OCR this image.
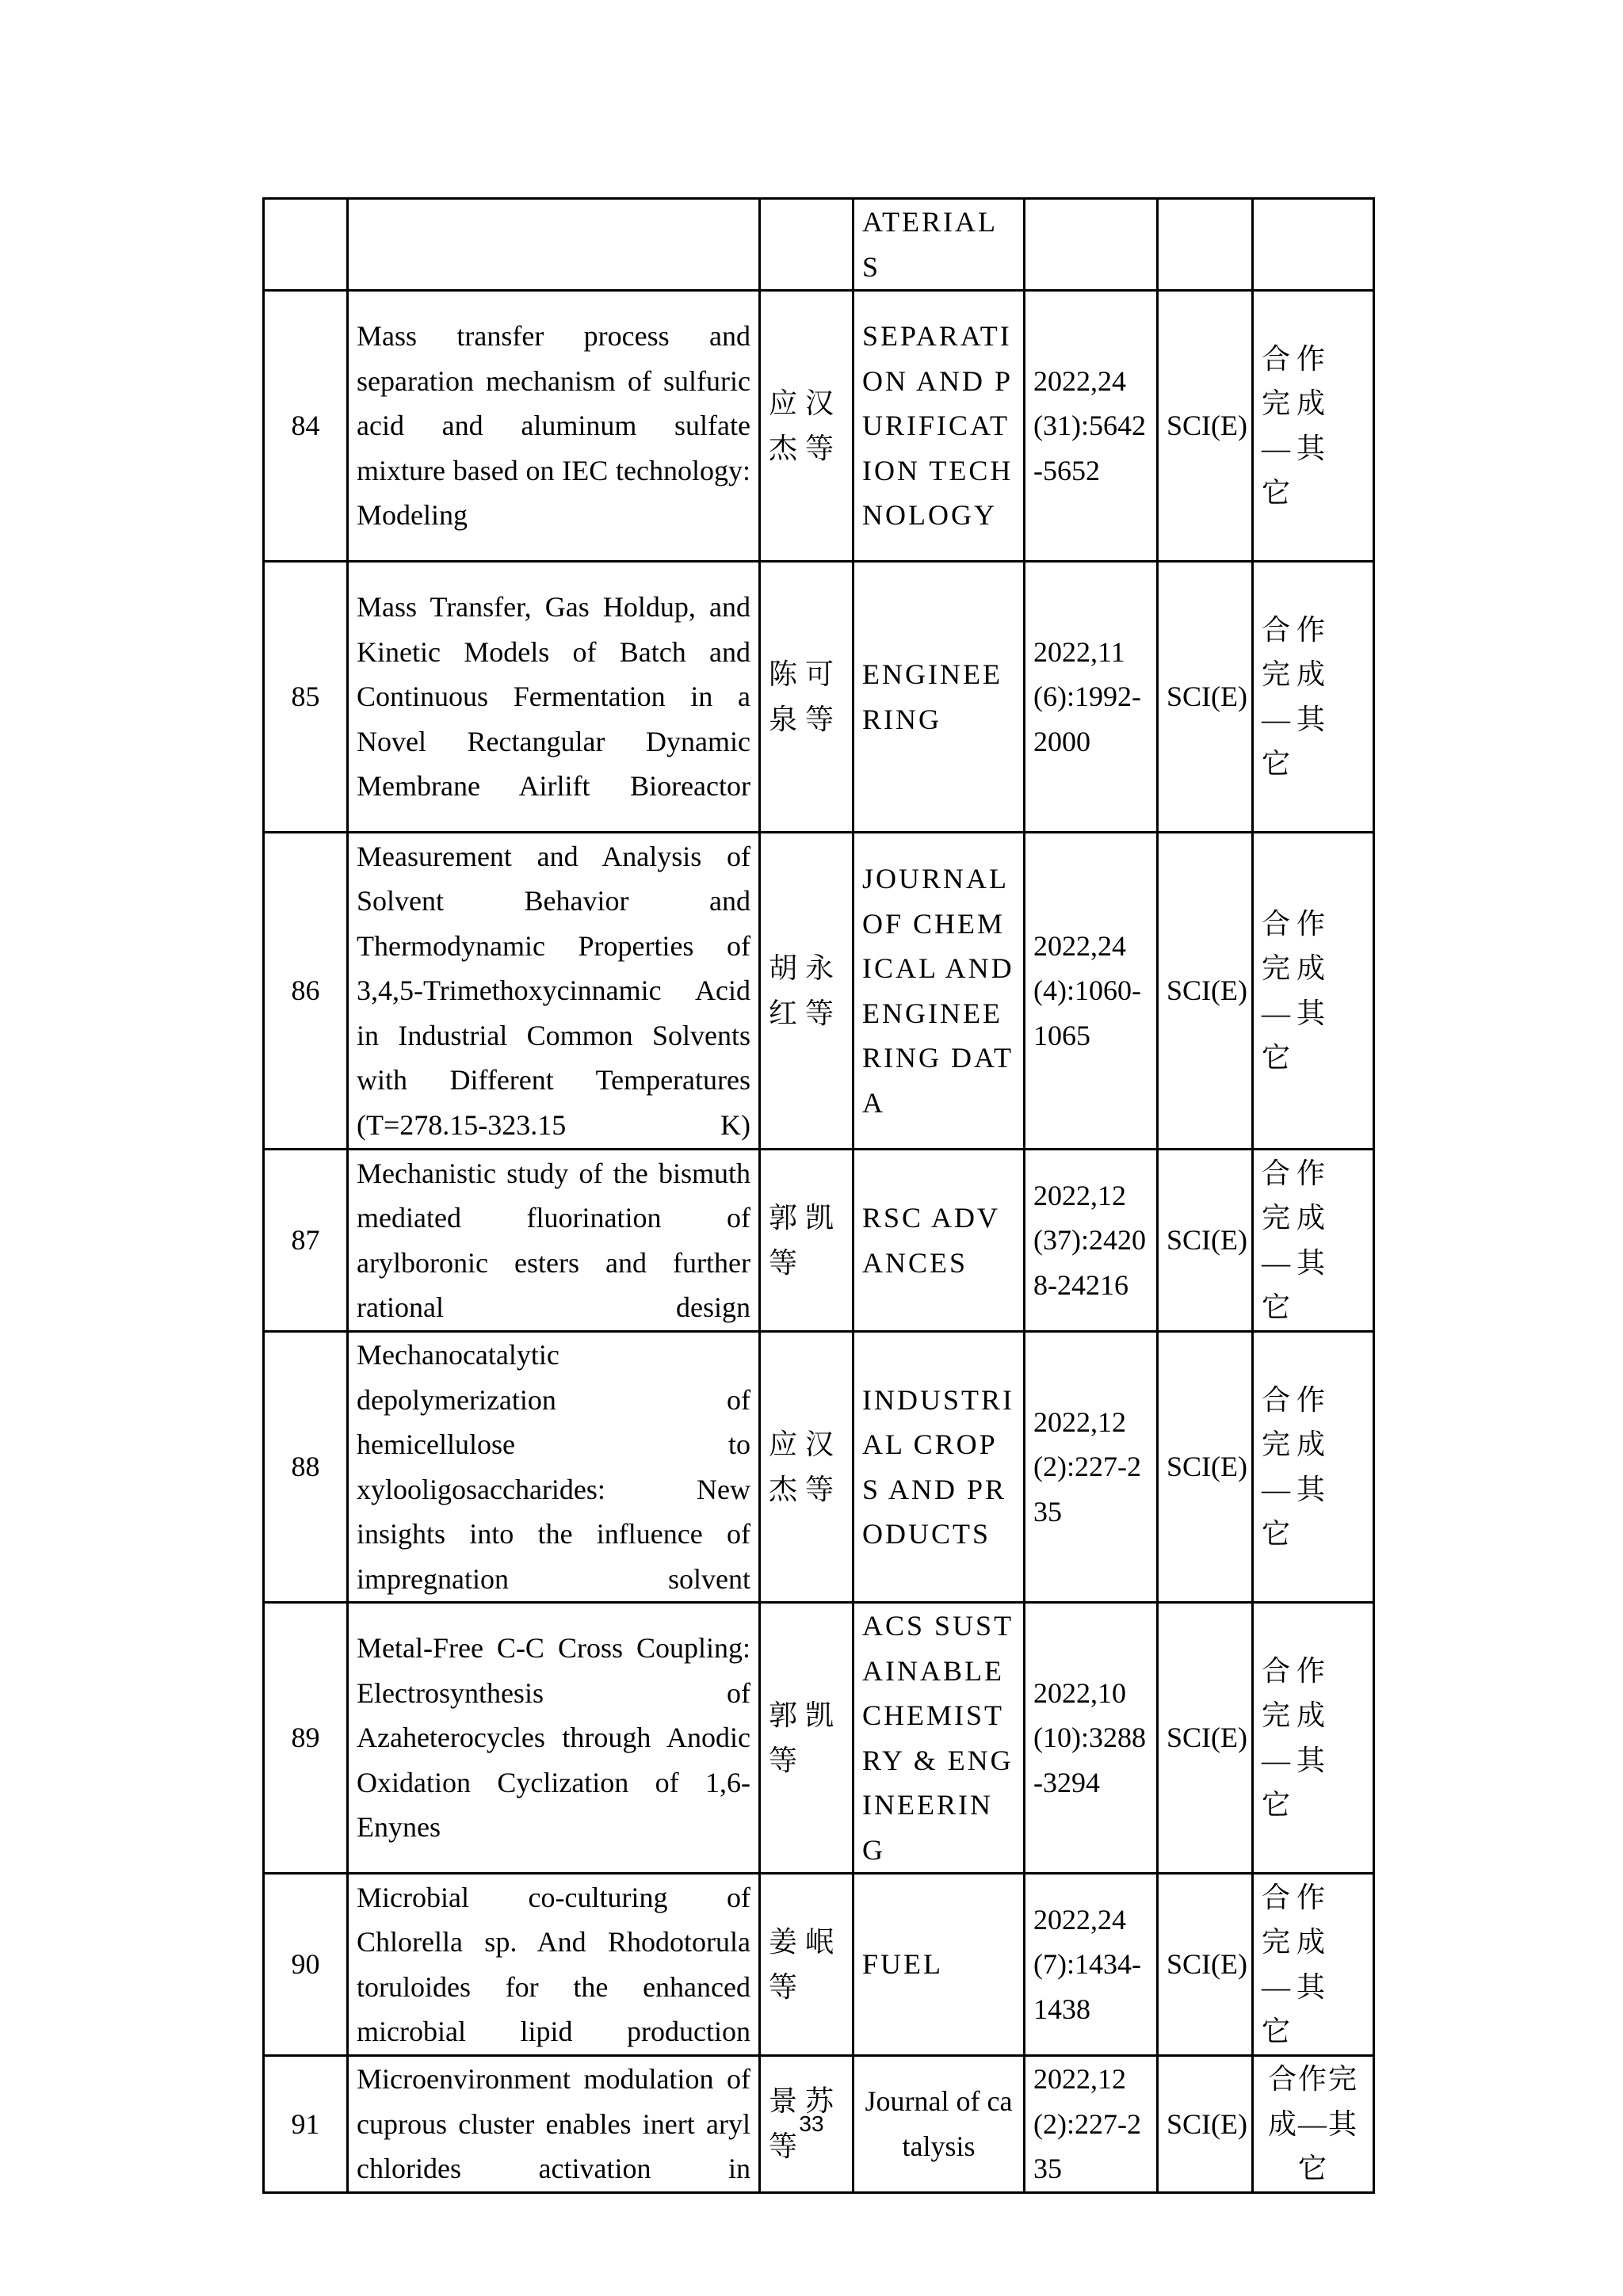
			ATERIALS			
84	Mass transfer process and separation mechanism of sulfuric acid and aluminum sulfate mixture based on IEC technology: Modeling	应汉杰等	SEPARATION AND PURIFICATION TECHNOLOGY	2022,24(31):5642-5652	SCI(E)	合作完成—其它
85	Mass Transfer, Gas Holdup, and Kinetic Models of Batch and Continuous Fermentation in a Novel Rectangular Dynamic Membrane Airlift Bioreactor	陈可泉等	ENGINEERING	2022,11(6):1992-2000	SCI(E)	合作完成—其它
86	Measurement and Analysis of Solvent Behavior and Thermodynamic Properties of 3,4,5-Trimethoxycinnamic Acid in Industrial Common Solvents with Different Temperatures (T=278.15-323.15 K)	胡永红等	JOURNAL OF CHEMICAL AND ENGINEERING DATA	2022,24(4):1060-1065	SCI(E)	合作完成—其它
87	Mechanistic study of the bismuth mediated fluorination of arylboronic esters and further rational design	郭凯等	RSC ADVANCES	2022,12(37):24208-24216	SCI(E)	合作完成—其它
88	Mechanocatalytic depolymerization of hemicellulose to xylooligosaccharides: New insights into the influence of impregnation solvent	应汉杰等	INDUSTRIAL CROPS AND PRODUCTS	2022,12(2):227-235	SCI(E)	合作完成—其它
89	Metal-Free C-C Cross Coupling: Electrosynthesis of Azaheterocycles through Anodic Oxidation Cyclization of 1,6-Enynes	郭凯等	ACS SUSTAINABLE CHEMISTRY & ENGINEERING	2022,10(10):3288-3294	SCI(E)	合作完成—其它
90	Microbial co-culturing of Chlorella sp. And Rhodotorula toruloides for the enhanced microbial lipid production	姜岷等	FUEL	2022,24(7):1434-1438	SCI(E)	合作完成—其它
91	Microenvironment modulation of cuprous cluster enables inert aryl chlorides activation in	景苏等	Journal of catalysis	2022,12(2):227-235	SCI(E)	合作完成—其它
33
